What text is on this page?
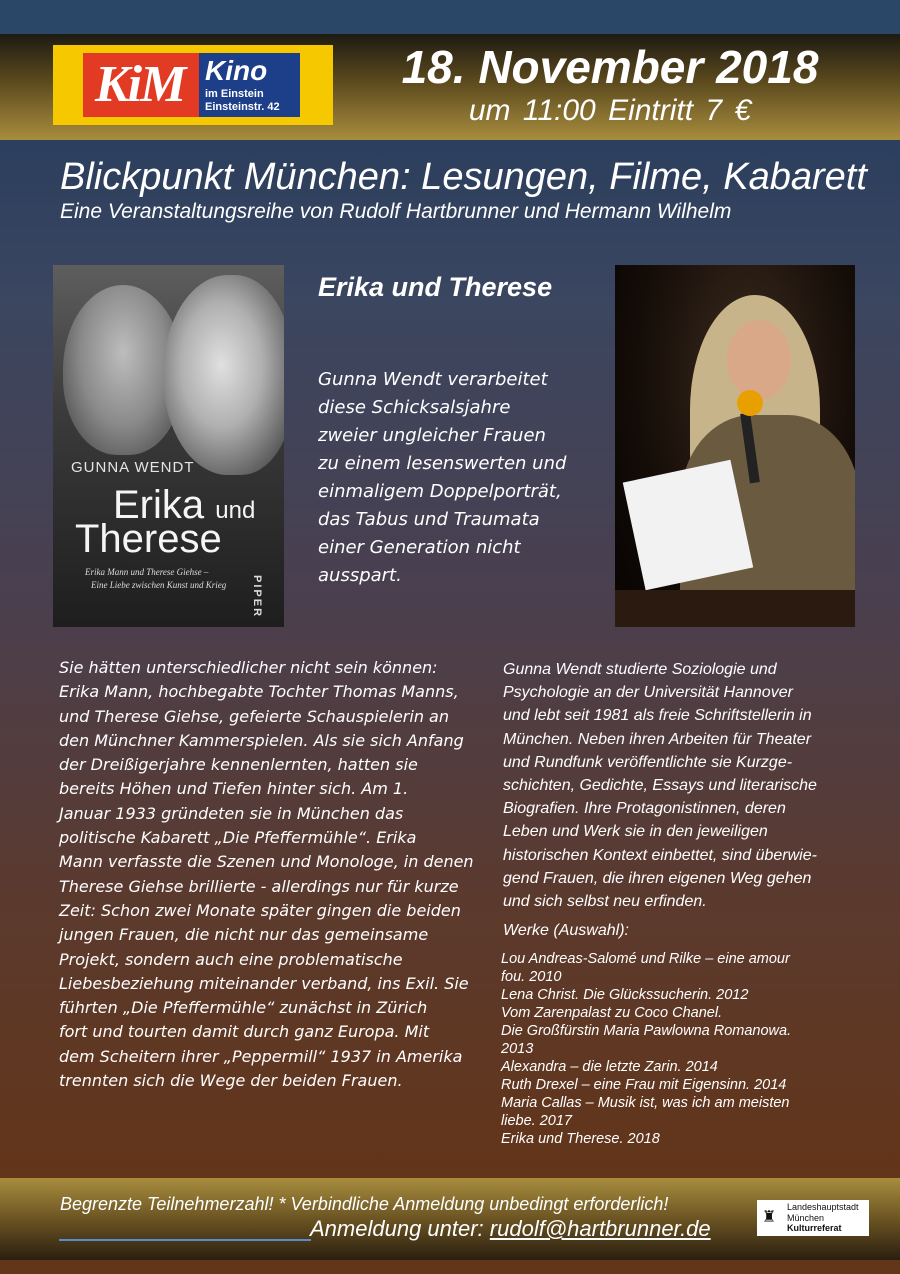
KiM Kino
im Einstein
Einsteinstr. 42
18. November 2018
um 11:00 Eintritt 7 €
Blickpunkt München: Lesungen, Filme, Kabarett
Eine Veranstaltungsreihe von Rudolf Hartbrunner und Hermann Wilhelm
GUNNA WENDT
Erika und
Therese
Erika Mann und Therese Giehse –
Eine Liebe zwischen Kunst und Krieg PIPER
Erika und Therese
Gunna Wendt verarbeitet
diese Schicksalsjahre
zweier ungleicher Frauen
zu einem lesenswerten und
einmaligem Doppelporträt,
das Tabus und Traumata
einer Generation nicht
ausspart.
Sie hätten unterschiedlicher nicht sein können:
Erika Mann, hochbegabte Tochter Thomas Manns,
und Therese Giehse, gefeierte Schauspielerin an
den Münchner Kammerspielen. Als sie sich Anfang
der Dreißigerjahre kennenlernten, hatten sie
bereits Höhen und Tiefen hinter sich. Am 1.
Januar 1933 gründeten sie in München das
politische Kabarett „Die Pfeffermühle“. Erika
Mann verfasste die Szenen und Monologe, in denen
Therese Giehse brillierte - allerdings nur für kurze
Zeit: Schon zwei Monate später gingen die beiden
jungen Frauen, die nicht nur das gemeinsame
Projekt, sondern auch eine problematische
Liebesbeziehung miteinander verband, ins Exil. Sie
führten „Die Pfeffermühle“ zunächst in Zürich
fort und tourten damit durch ganz Europa. Mit
dem Scheitern ihrer „Peppermill“ 1937 in Amerika
trennten sich die Wege der beiden Frauen.
Gunna Wendt studierte Soziologie und
Psychologie an der Universität Hannover
und lebt seit 1981 als freie Schriftstellerin in
München. Neben ihren Arbeiten für Theater
und Rundfunk veröffentlichte sie Kurzge-
schichten, Gedichte, Essays und literarische
Biografien. Ihre Protagonistinnen, deren
Leben und Werk sie in den jeweiligen
historischen Kontext einbettet, sind überwie-
gend Frauen, die ihren eigenen Weg gehen
und sich selbst neu erfinden.
Werke (Auswahl):
Lou Andreas-Salomé und Rilke – eine amour
fou. 2010
Lena Christ. Die Glückssucherin. 2012
Vom Zarenpalast zu Coco Chanel.
Die Großfürstin Maria Pawlowna Romanowa.
2013
Alexandra – die letzte Zarin. 2014
Ruth Drexel – eine Frau mit Eigensinn. 2014
Maria Callas – Musik ist, was ich am meisten
liebe. 2017
Erika und Therese. 2018
Begrenzte Teilnehmerzahl! * Verbindliche Anmeldung unbedingt erforderlich!
Anmeldung unter: rudolf@hartbrunner.de	♜ Landeshauptstadt
München
Kulturreferat
